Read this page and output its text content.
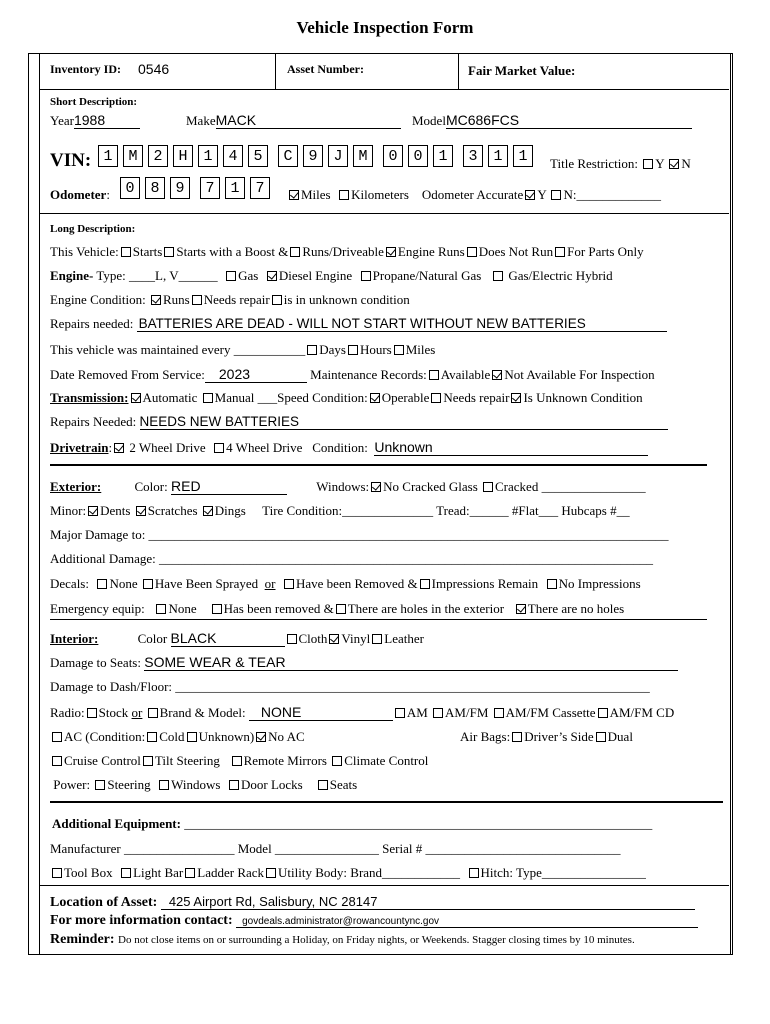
Vehicle Inspection Form
Inventory ID: 0546	Asset Number:	Fair Market Value:
Short Description:
Year1988	MakeMACK	ModelMC686FCS
VIN: 1	M	2	H	1	4	5	C	9	J	M	0	0	1	3	1	1	Title Restriction: Y N
Odometer:	0	8	9	7	1	7	Miles Kilometers Odometer Accurate Y N:_____________
Long Description:
This Vehicle: Starts Starts with a Boost & Runs/Driveable Engine Runs Does Not Run For Parts Only
Engine- Type: ____L, V______ Gas Diesel Engine Propane/Natural Gas Gas/Electric Hybrid
Engine Condition: Runs Needs repair is in unknown condition
Repairs needed: BATTERIES ARE DEAD - WILL NOT START WITHOUT NEW BATTERIES
This vehicle was maintained every ___________ Days Hours Miles
Date Removed From Service: 2023	Maintenance Records: Available Not Available For Inspection
Transmission: Automatic Manual ___Speed Condition: Operable Needs repair Is Unknown Condition
Repairs Needed: NEEDS NEW BATTERIES
Drivetrain: 2 Wheel Drive 4 Wheel Drive Condition: Unknown
Exterior:	Color: RED	Windows: No Cracked Glass Cracked ________________
Minor: Dents Scratches Dings Tire Condition:______________ Tread:______ #Flat___ Hubcaps #__
Major Damage to: ________________________________________________________________________________
Additional Damage: ____________________________________________________________________________
Decals: None Have Been Sprayed or Have been Removed & Impressions Remain No Impressions
Emergency equip: None Has been removed & There are holes in the exterior There are no holes
Interior:	Color BLACK	Cloth Vinyl Leather
Damage to Seats: SOME WEAR & TEAR
Damage to Dash/Floor: _________________________________________________________________________
Radio: Stock or Brand & Model: NONE	AM AM/FM AM/FM Cassette AM/FM CD
AC (Condition: Cold Unknown) No AC	Air Bags: Driver’s Side Dual
Cruise Control Tilt Steering Remote Mirrors Climate Control
Power: Steering Windows Door Locks Seats
Additional Equipment: ________________________________________________________________________
Manufacturer _________________ Model ________________ Serial # ______________________________
Tool Box Light Bar Ladder Rack Utility Body: Brand____________ Hitch: Type________________
Location of Asset: 425 Airport Rd, Salisbury, NC 28147
For more information contact: govdeals.administrator@rowancountync.gov
Reminder: Do not close items on or surrounding a Holiday, on Friday nights, or Weekends. Stagger closing times by 10 minutes.
